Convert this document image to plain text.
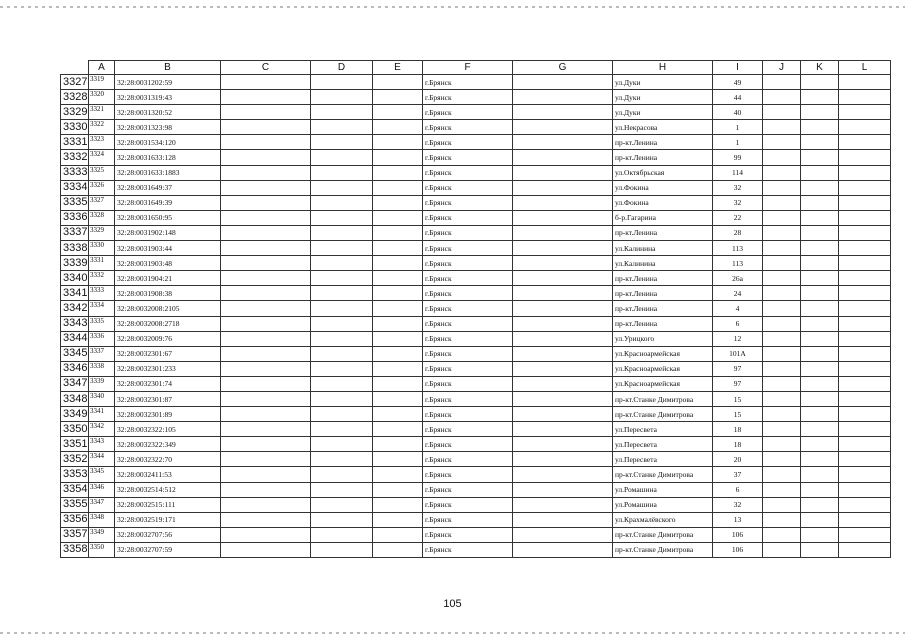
	A	B	C	D	E	F	G	H	I	J	K	L
3327	3319	32:28:0031202:59				г.Брянск		ул.Дуки	49			
3328	3320	32:28:0031319:43				г.Брянск		ул.Дуки	44			
3329	3321	32:28:0031320:52				г.Брянск		ул.Дуки	40			
3330	3322	32:28:0031323:98				г.Брянск		ул.Некрасова	1			
3331	3323	32:28:0031534:120				г.Брянск		пр-кт.Ленина	1			
3332	3324	32:28:0031633:128				г.Брянск		пр-кт.Ленина	99			
3333	3325	32:28:0031633:1883				г.Брянск		ул.Октябрьская	114			
3334	3326	32:28:0031649:37				г.Брянск		ул.Фокина	32			
3335	3327	32:28:0031649:39				г.Брянск		ул.Фокина	32			
3336	3328	32:28:0031650:95				г.Брянск		б-р.Гагарина	22			
3337	3329	32:28:0031902:148				г.Брянск		пр-кт.Ленина	28			
3338	3330	32:28:0031903:44				г.Брянск		ул.Калинина	113			
3339	3331	32:28:0031903:48				г.Брянск		ул.Калинина	113			
3340	3332	32:28:0031904:21				г.Брянск		пр-кт.Ленина	26а			
3341	3333	32:28:0031908:38				г.Брянск		пр-кт.Ленина	24			
3342	3334	32:28:0032008:2105				г.Брянск		пр-кт.Ленина	4			
3343	3335	32:28:0032008:2718				г.Брянск		пр-кт.Ленина	6			
3344	3336	32:28:0032009:76				г.Брянск		ул.Урицкого	12			
3345	3337	32:28:0032301:67				г.Брянск		ул.Красноармейская	101А			
3346	3338	32:28:0032301:233				г.Брянск		ул.Красноармейская	97			
3347	3339	32:28:0032301:74				г.Брянск		ул.Красноармейская	97			
3348	3340	32:28:0032301:87				г.Брянск		пр-кт.Станке Димитрова	15			
3349	3341	32:28:0032301:89				г.Брянск		пр-кт.Станке Димитрова	15			
3350	3342	32:28:0032322:105				г.Брянск		ул.Пересвета	18			
3351	3343	32:28:0032322:349				г.Брянск		ул.Пересвета	18			
3352	3344	32:28:0032322:70				г.Брянск		ул.Пересвета	20			
3353	3345	32:28:0032411:53				г.Брянск		пр-кт.Станке Димитрова	37			
3354	3346	32:28:0032514:512				г.Брянск		ул.Ромашина	6			
3355	3347	32:28:0032515:111				г.Брянск		ул.Ромашина	32			
3356	3348	32:28:0032519:171				г.Брянск		ул.Крахмалёвского	13			
3357	3349	32:28:0032707:56				г.Брянск		пр-кт.Станке Димитрова	106			
3358	3350	32:28:0032707:59				г.Брянск		пр-кт.Станке Димитрова	106			
105
